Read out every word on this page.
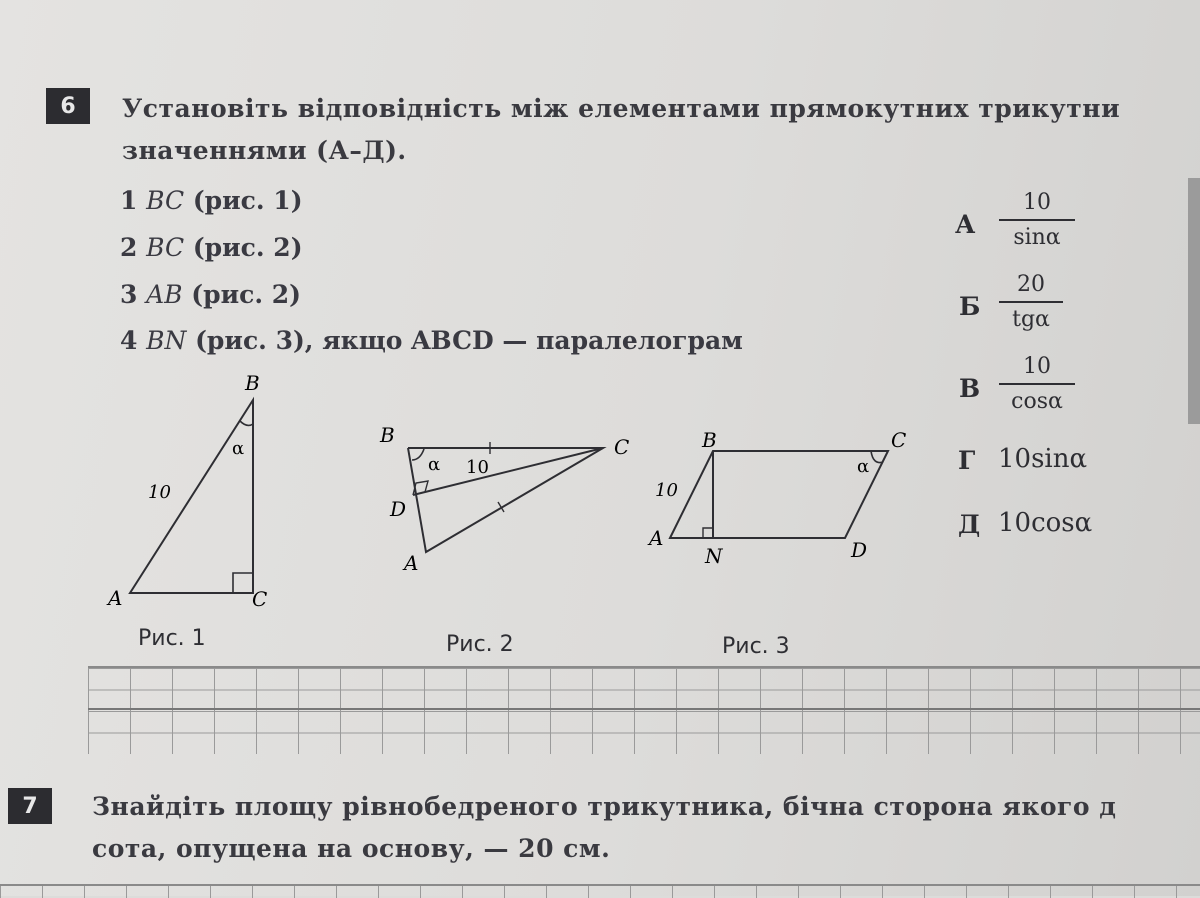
6 Установіть відповідність між елементами прямокутних трикутни
значеннями (А–Д).
1 BC (рис. 1)
2 BC (рис. 2)
3 AB (рис. 2)
4 BN (рис. 3), якщо ABCD — паралелограм
А
10
sinα
Б
20
tgα
В
10
cosα
Г 10sinα
Д 10cosα
B
A	C
10
α
Рис. 1
B	C
D
A
α 10
Рис. 2
B	C
A
N	D
10
α
Рис. 3
7 Знайдіть площу рівнобедреного трикутника, бічна сторона якого д
сота, опущена на основу, — 20 см.
